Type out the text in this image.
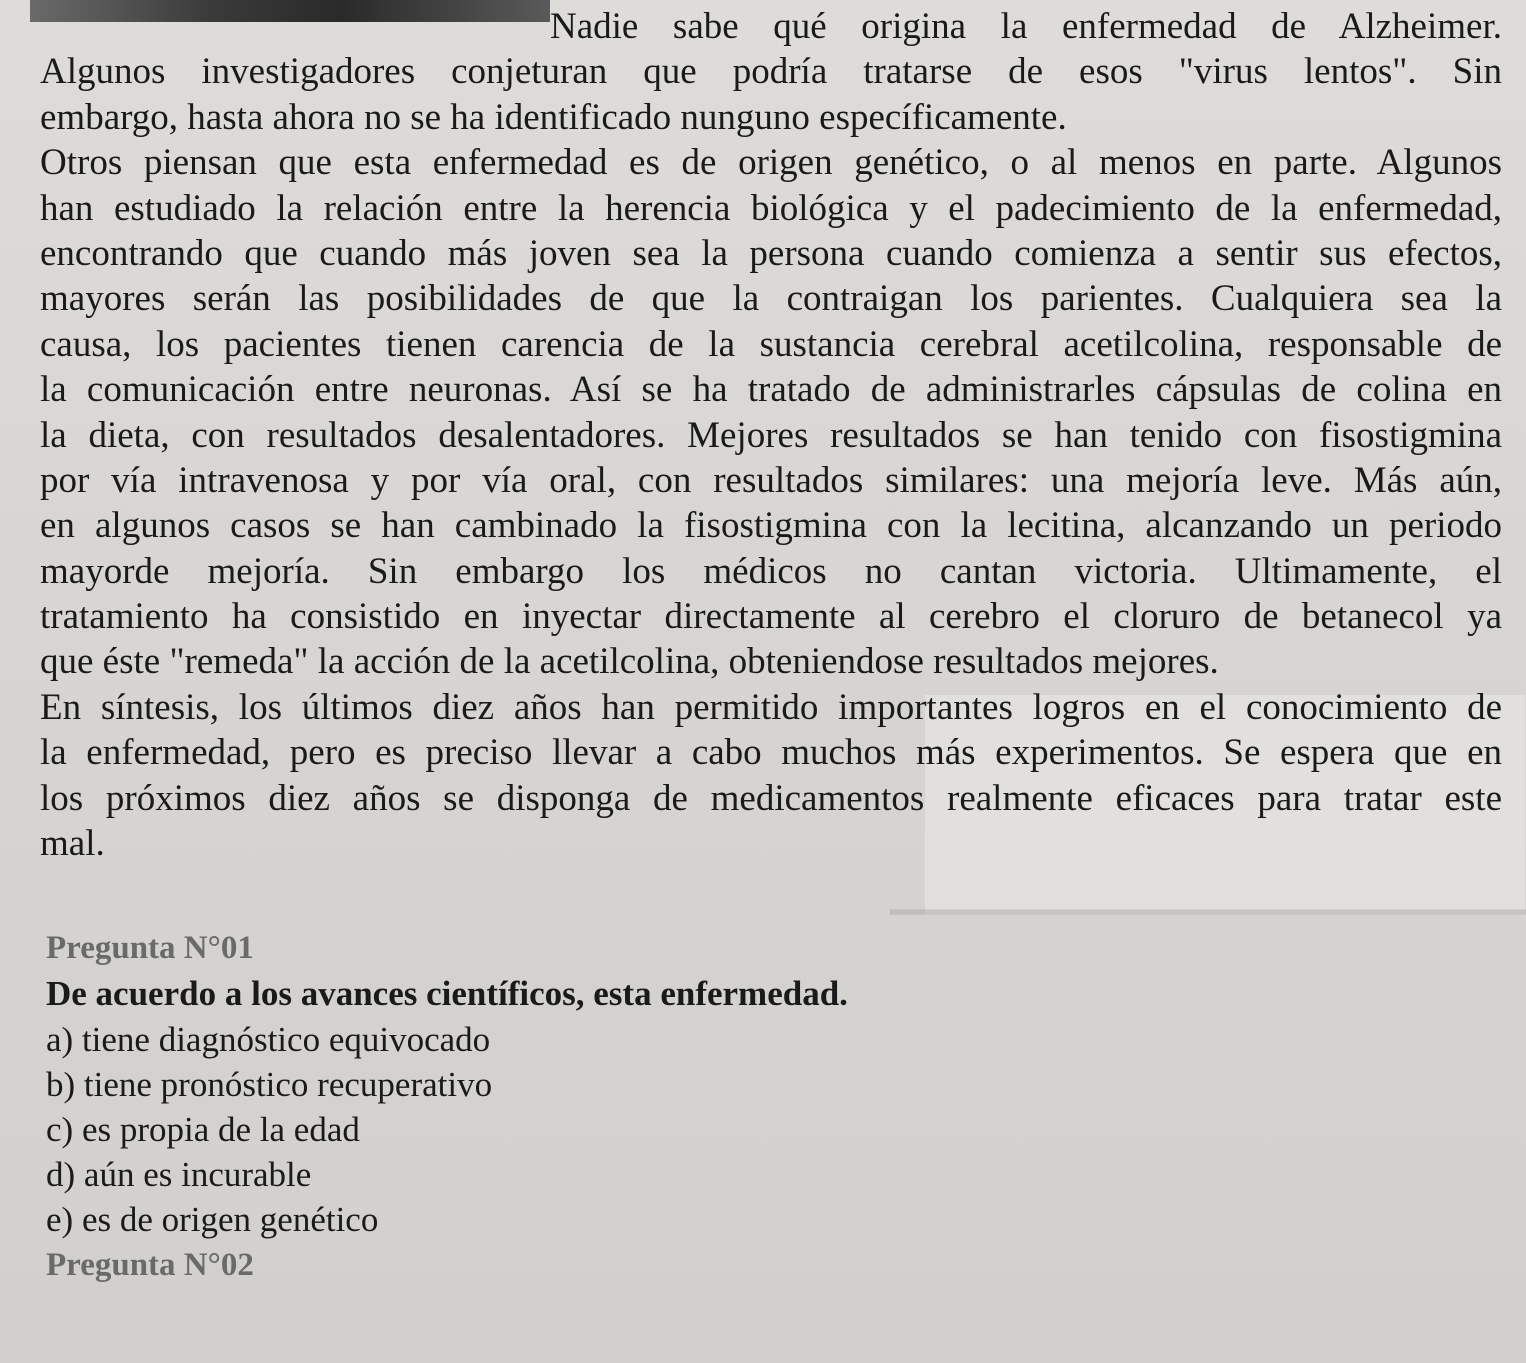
━━━━━━━━━━━━━━━━━━━━━━━━━━━━━━━━━
Nadie sabe qué origina la enfermedad de Alzheimer.
Algunos investigadores conjeturan que podría tratarse de esos "virus lentos". Sin
embargo, hasta ahora no se ha identificado nunguno específicamente.
Otros piensan que esta enfermedad es de origen genético, o al menos en parte. Algunos
han estudiado la relación entre la herencia biológica y el padecimiento de la enfermedad,
encontrando que cuando más joven sea la persona cuando comienza a sentir sus efectos,
mayores serán las posibilidades de que la contraigan los parientes. Cualquiera sea la
causa, los pacientes tienen carencia de la sustancia cerebral acetilcolina, responsable de
la comunicación entre neuronas. Así se ha tratado de administrarles cápsulas de colina en
la dieta, con resultados desalentadores. Mejores resultados se han tenido con fisostigmina
por vía intravenosa y por vía oral, con resultados similares: una mejoría leve. Más aún,
en algunos casos se han cambinado la fisostigmina con la lecitina, alcanzando un periodo
mayorde mejoría. Sin embargo los médicos no cantan victoria. Ultimamente, el
tratamiento ha consistido en inyectar directamente al cerebro el cloruro de betanecol ya
que éste "remeda" la acción de la acetilcolina, obteniendose resultados mejores.
En síntesis, los últimos diez años han permitido importantes logros en el conocimiento de
la enfermedad, pero es preciso llevar a cabo muchos más experimentos. Se espera que en
los próximos diez años se disponga de medicamentos realmente eficaces para tratar este
mal.
Pregunta N°01
De acuerdo a los avances científicos, esta enfermedad.
a) tiene diagnóstico equivocado
b) tiene pronóstico recuperativo
c) es propia de la edad
d) aún es incurable
e) es de origen genético
Pregunta N°02
